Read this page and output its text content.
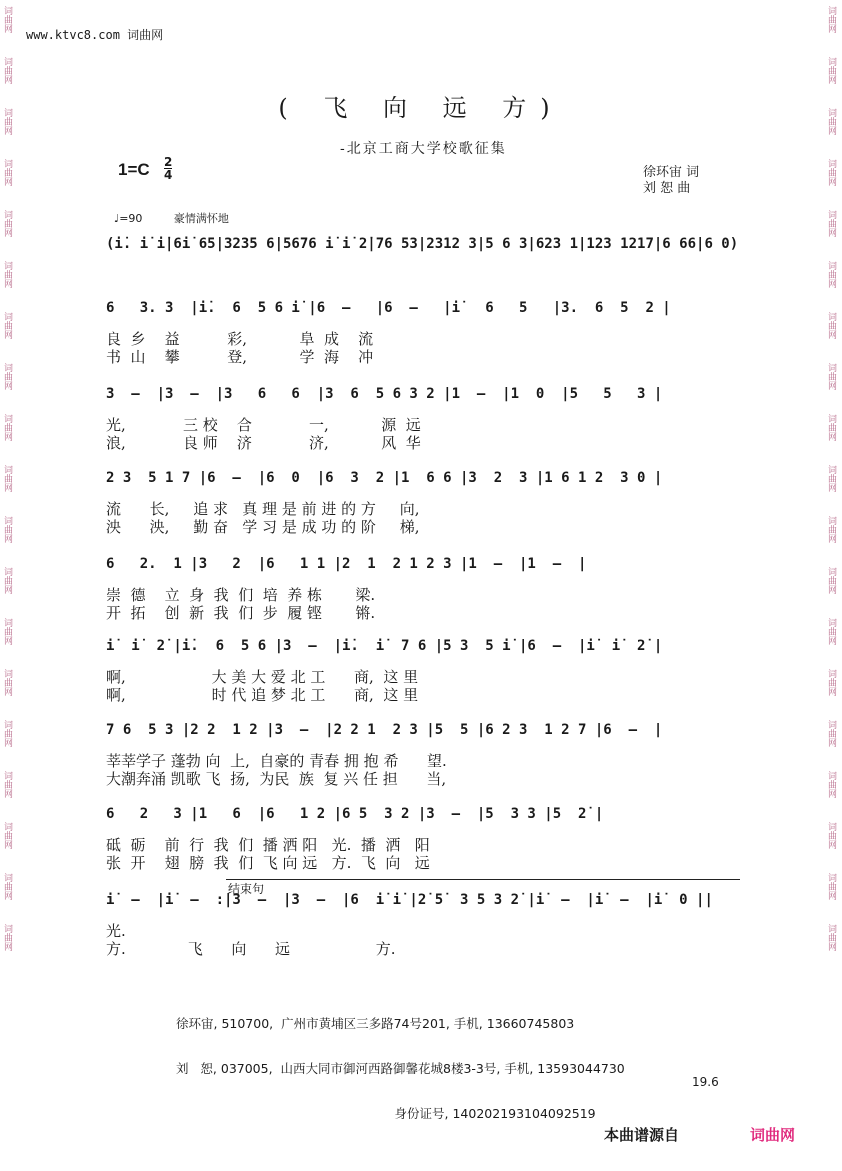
词曲网
词曲网
词曲网
词曲网
词曲网
词曲网
词曲网
词曲网
词曲网
词曲网
词曲网
词曲网
词曲网
词曲网
词曲网
词曲网
词曲网
词曲网
词曲网
词曲网
词曲网
词曲网
词曲网
词曲网
词曲网
词曲网
词曲网
词曲网
词曲网
词曲网
词曲网
词曲网
词曲网
词曲网
词曲网
词曲网
词曲网
词曲网
www.ktvc8.com 词曲网
( 飞 向 远 方)
-北京工商大学校歌征集
$1=C \frac{2}{4}$	徐环宙 词
刘 恕 曲
♩=90	豪情满怀地
(i̇. i̇ i̇|6i̇ 65|3235 6|5676 i̇ i̇ 2̇|76 53|2312 3|5 6 3|623 1|123 1217|6 66|6 0)
6   3. 3  |i̇.  6  5 6 i̇ |6  –   |6  –   |i̇   6   5   |3.  6  5  2 |
良  乡    益          彩,           阜  成    流
书  山    攀          登,           学  海    冲
3  –  |3  –  |3   6   6  |3  6  5 6 3 2 |1  –  |1  0  |5   5   3 |
光,            三 校    合            一,           源  远
浪,            良 师    济            济,           风  华
2 3  5 1 7 |6  –  |6  0  |6  3  2 |1  6 6 |3  2  3 |1 6 1 2  3 0 |
流      长,     追 求   真 理 是 前 进 的 方     向,
泱      泱,     勤 奋   学 习 是 成 功 的 阶     梯,
6   2.  1 |3   2  |6   1 1 |2  1  2 1 2 3 |1  –  |1  –  |
崇  德    立  身  我  们  培  养 栋       梁.
开  拓    创  新  我  们  步  履 铿       锵.
i̇  i̇  2̇ |i̇.  6  5 6 |3  –  |i̇.  i̇  7 6 |5 3  5 i̇ |6  –  |i̇  i̇  2̇ |
啊,                  大 美 大 爱 北 工      商,  这 里
啊,                  时 代 追 梦 北 工      商,  这 里
7 6  5 3 |2 2  1 2 |3  –  |2 2 1  2 3 |5  5 |6 2 3  1 2 7 |6  –  |
莘莘学子 蓬勃 向  上,  自豪的 青春 拥 抱 希      望.
大潮奔涌 凯歌 飞  扬,  为民  族  复 兴 任 担      当,
6   2   3 |1   6  |6   1 2 |6 5  3 2 |3  –  |5  3 3 |5  2̇ |
砥  砺    前  行  我  们  播 洒 阳   光.  播  洒   阳
张  开    翅  膀  我  们  飞 向 远   方.  飞  向   远
i̇  –  |i̇  –  :|3  –  |3  –  |6  i̇ i̇ |2̇ 5̇  3 5 3 2̇ |i̇  –  |i̇  –  |i̇  0 ||
光.
方.             飞      向      远                  方.
结束句

徐环宙, 510700,  广州市黄埔区三多路74号201, 手机, 13660745803

刘   恕, 037005,  山西大同市御河西路御馨花城8楼3-3号, 手机, 13593044730

身份证号, 140202193104092519

19.6
本曲谱源自	词曲网
